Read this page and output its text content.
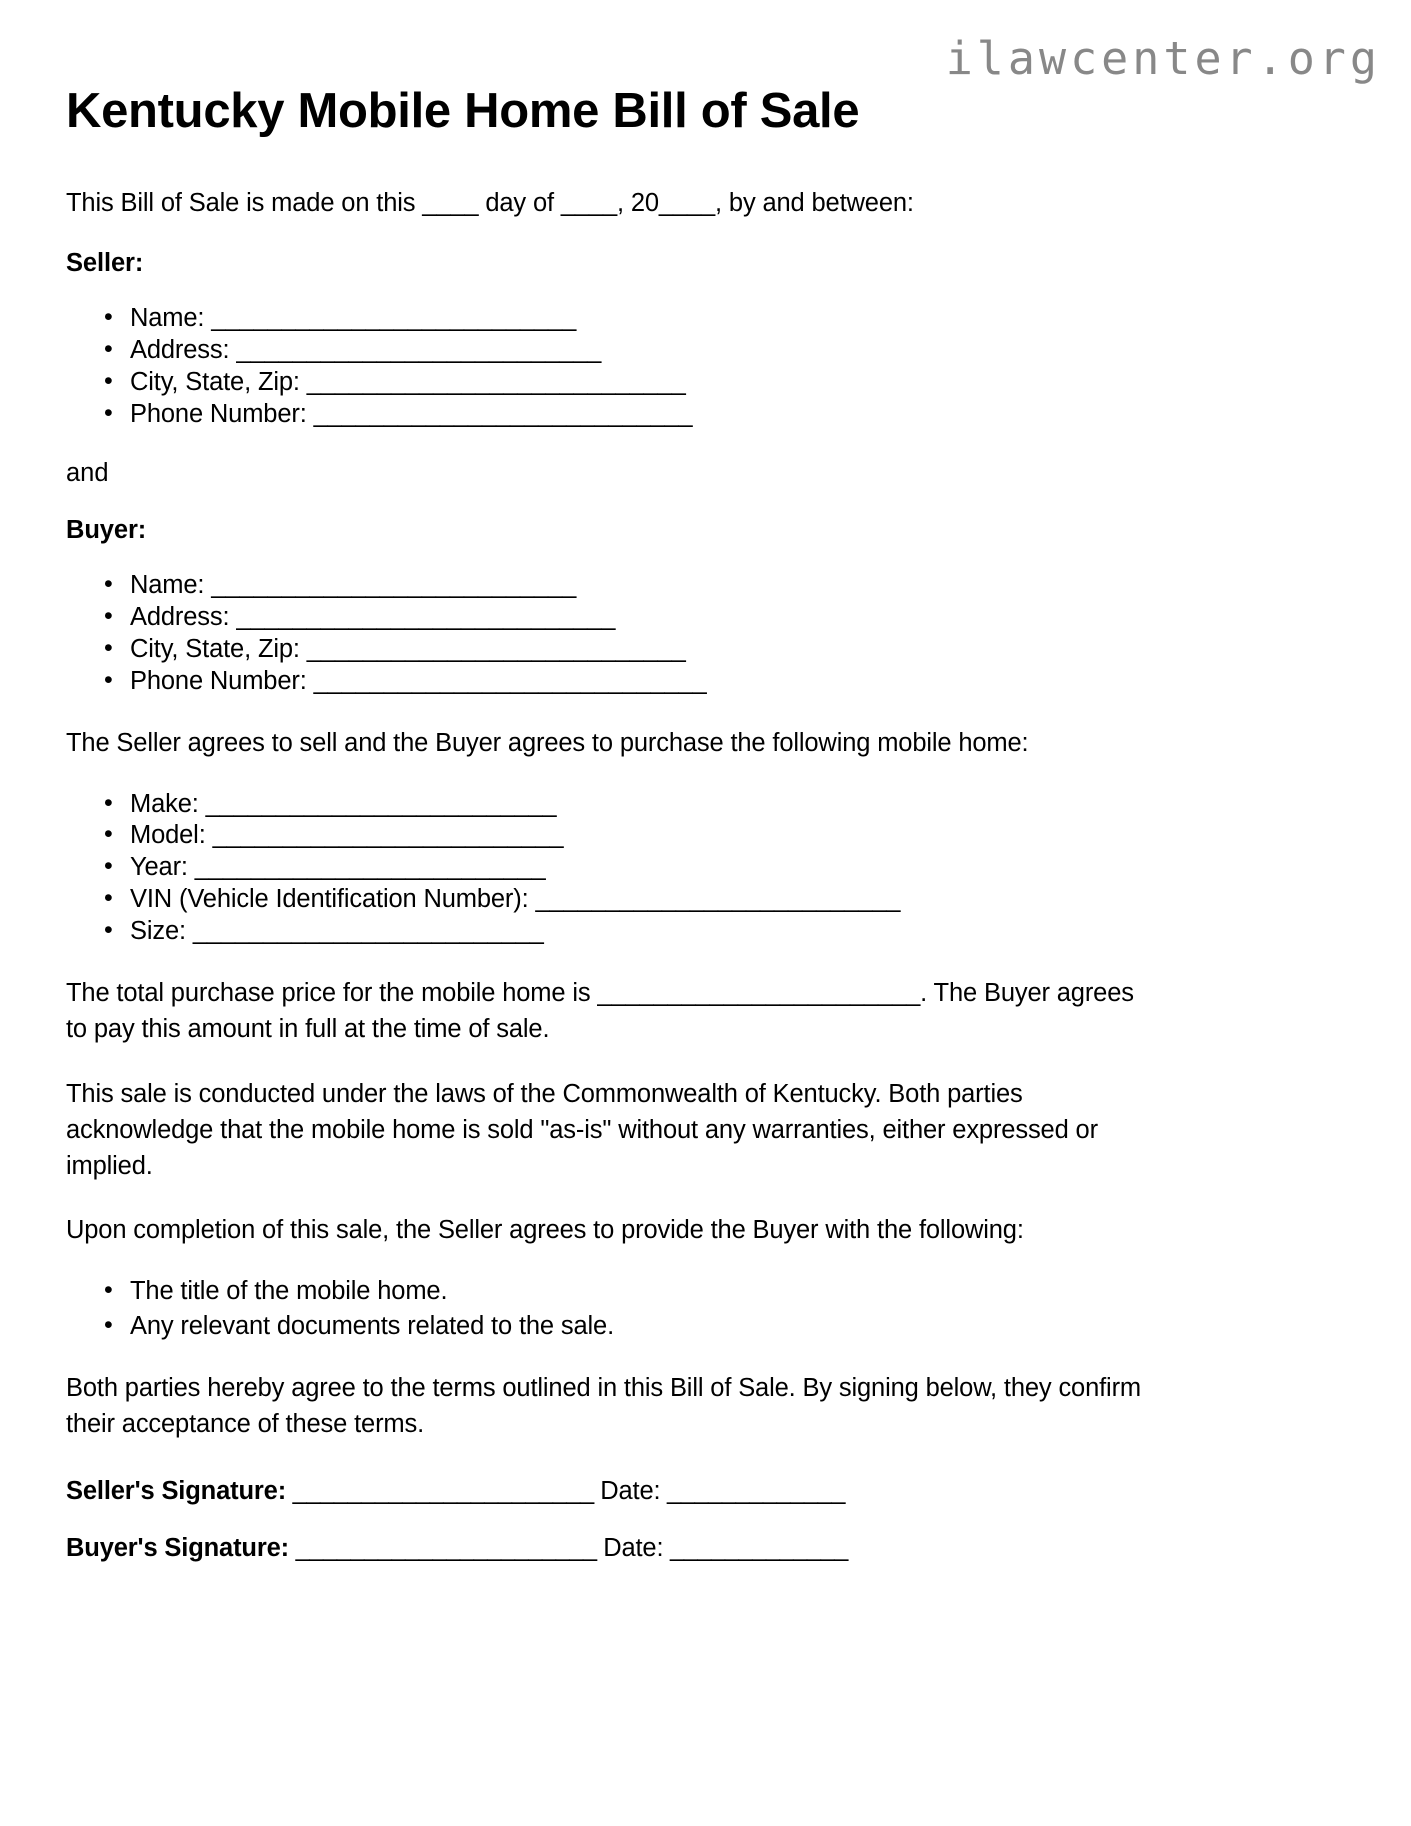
ilawcenter.org
Kentucky Mobile Home Bill of Sale

This Bill of Sale is made on this ____ day of ____, 20____, by and between:

Seller:
• Name: __________________________
• Address: __________________________
• City, State, Zip: ___________________________
• Phone Number: ___________________________

and

Buyer:
• Name: __________________________
• Address: ___________________________
• City, State, Zip: ___________________________
• Phone Number: ____________________________

The Seller agrees to sell and the Buyer agrees to purchase the following mobile home:

• Make: _________________________
• Model: _________________________
• Year: _________________________
• VIN (Vehicle Identification Number): __________________________
• Size: _________________________

The total purchase price for the mobile home is _______________________. The Buyer agrees to pay this amount in full at the time of sale.

This sale is conducted under the laws of the Commonwealth of Kentucky. Both parties acknowledge that the mobile home is sold "as-is" without any warranties, either expressed or implied.

Upon completion of this sale, the Seller agrees to provide the Buyer with the following:

• The title of the mobile home.
• Any relevant documents related to the sale.

Both parties hereby agree to the terms outlined in this Bill of Sale. By signing below, they confirm their acceptance of these terms.

Seller's Signature: ______________________ Date: _____________
Buyer's Signature: ______________________ Date: _____________
